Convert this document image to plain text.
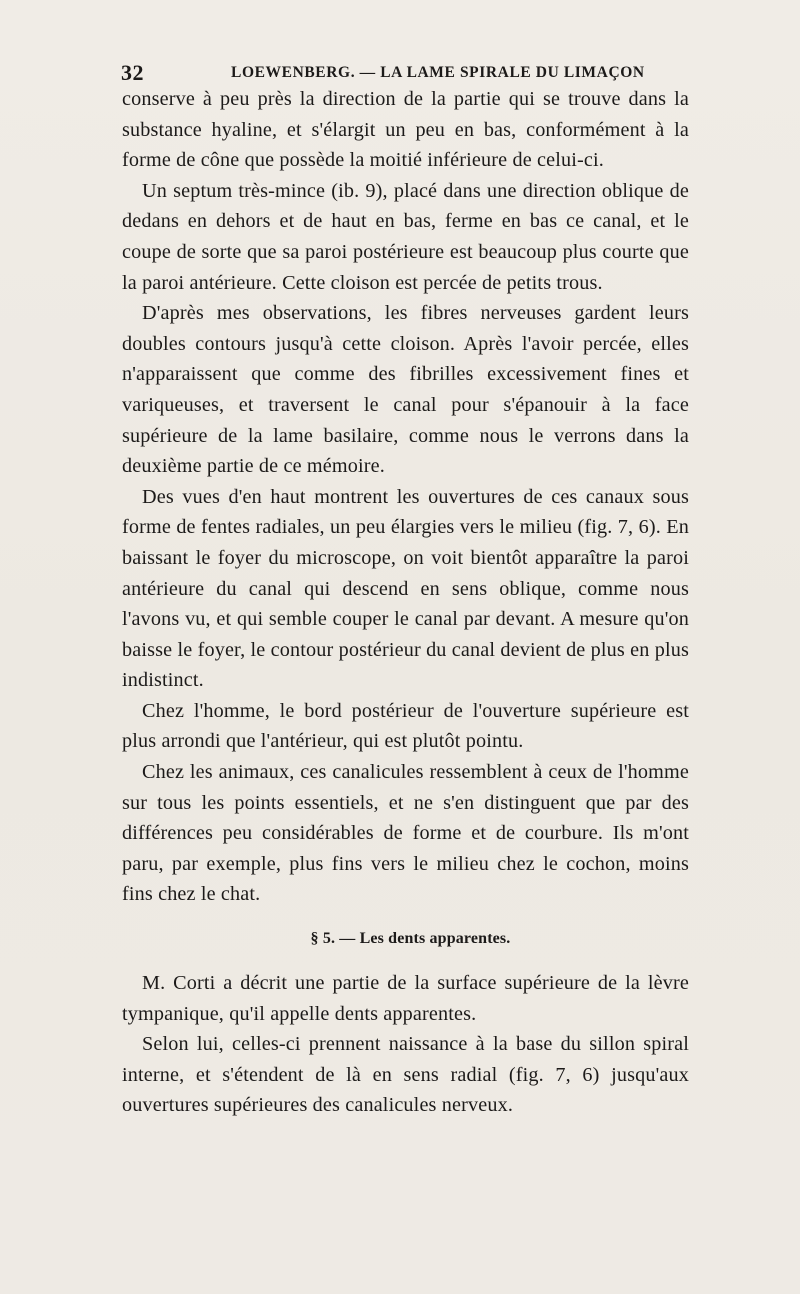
32	LOEWENBERG. — LA LAME SPIRALE DU LIMAÇON

conserve à peu près la direction de la partie qui se trouve dans la substance hyaline, et s'élargit un peu en bas, conformément à la forme de cône que possède la moitié inférieure de celui-ci.

Un septum très-mince (ib. 9), placé dans une direction oblique de dedans en dehors et de haut en bas, ferme en bas ce canal, et le coupe de sorte que sa paroi postérieure est beaucoup plus courte que la paroi antérieure. Cette cloison est percée de petits trous.

D'après mes observations, les fibres nerveuses gardent leurs doubles contours jusqu'à cette cloison. Après l'avoir percée, elles n'apparaissent que comme des fibrilles excessivement fines et variqueuses, et traversent le canal pour s'épanouir à la face supérieure de la lame basilaire, comme nous le verrons dans la deuxième partie de ce mémoire.

Des vues d'en haut montrent les ouvertures de ces canaux sous forme de fentes radiales, un peu élargies vers le milieu (fig. 7, 6). En baissant le foyer du microscope, on voit bientôt apparaître la paroi antérieure du canal qui descend en sens oblique, comme nous l'avons vu, et qui semble couper le canal par devant. A mesure qu'on baisse le foyer, le contour postérieur du canal devient de plus en plus indistinct.

Chez l'homme, le bord postérieur de l'ouverture supérieure est plus arrondi que l'antérieur, qui est plutôt pointu.

Chez les animaux, ces canalicules ressemblent à ceux de l'homme sur tous les points essentiels, et ne s'en distinguent que par des différences peu considérables de forme et de courbure. Ils m'ont paru, par exemple, plus fins vers le milieu chez le cochon, moins fins chez le chat.

§ 5. — Les dents apparentes.

M. Corti a décrit une partie de la surface supérieure de la lèvre tympanique, qu'il appelle dents apparentes.

Selon lui, celles-ci prennent naissance à la base du sillon spiral interne, et s'étendent de là en sens radial (fig. 7, 6) jusqu'aux ouvertures supérieures des canalicules nerveux.
